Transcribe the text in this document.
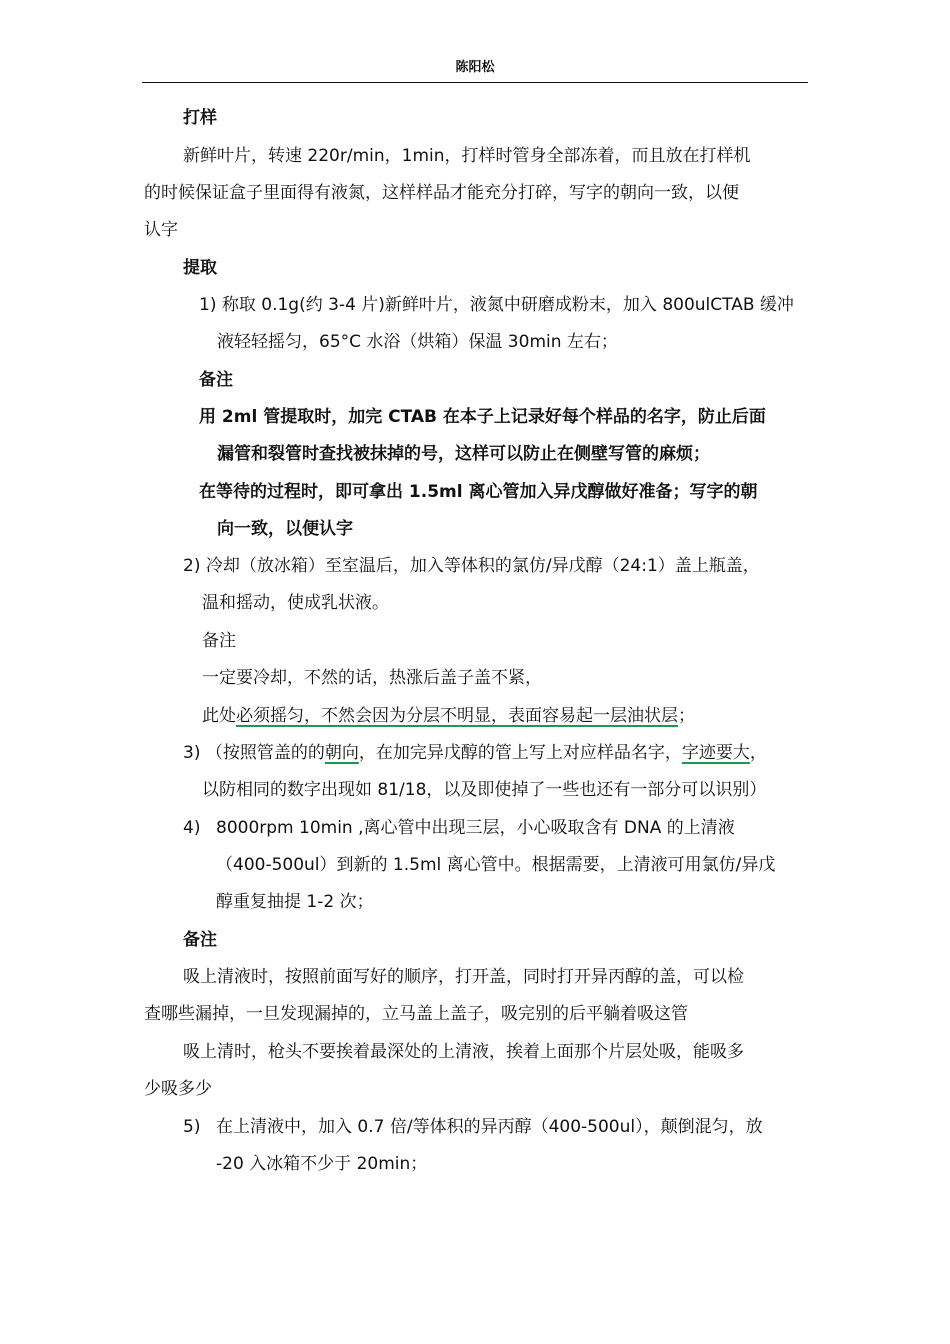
陈阳松
打样
新鲜叶片，转速 220r/min，1min，打样时管身全部冻着，而且放在打样机
的时候保证盒子里面得有液氮，这样样品才能充分打碎，写字的朝向一致，以便
认字
提取
1) 称取 0.1g(约 3-4 片)新鲜叶片，液氮中研磨成粉末，加入 800ulCTAB 缓冲
液轻轻摇匀，65°C 水浴（烘箱）保温 30min 左右；
备注
用 2ml 管提取时，加完 CTAB 在本子上记录好每个样品的名字，防止后面
漏管和裂管时查找被抹掉的号，这样可以防止在侧壁写管的麻烦；
在等待的过程时，即可拿出 1.5ml 离心管加入异戊醇做好准备；写字的朝
向一致，以便认字
2) 冷却（放冰箱）至室温后，加入等体积的氯仿/异戊醇（24:1）盖上瓶盖，
温和摇动，使成乳状液。
备注
一定要冷却，不然的话，热涨后盖子盖不紧，
此处必须摇匀，不然会因为分层不明显，表面容易起一层油状层；
3) （按照管盖的的朝向，在加完异戊醇的管上写上对应样品名字，字迹要大，
以防相同的数字出现如 81/18，以及即使掉了一些也还有一部分可以识别）
4) 8000rpm 10min ,离心管中出现三层，小心吸取含有 DNA 的上清液
（400-500ul）到新的 1.5ml 离心管中。根据需要，上清液可用氯仿/异戊
醇重复抽提 1-2 次；
备注
吸上清液时，按照前面写好的顺序，打开盖，同时打开异丙醇的盖，可以检
查哪些漏掉，一旦发现漏掉的，立马盖上盖子，吸完别的后平躺着吸这管
吸上清时，枪头不要挨着最深处的上清液，挨着上面那个片层处吸，能吸多
少吸多少
5) 在上清液中，加入 0.7 倍/等体积的异丙醇（400-500ul），颠倒混匀，放
-20 入冰箱不少于 20min；
